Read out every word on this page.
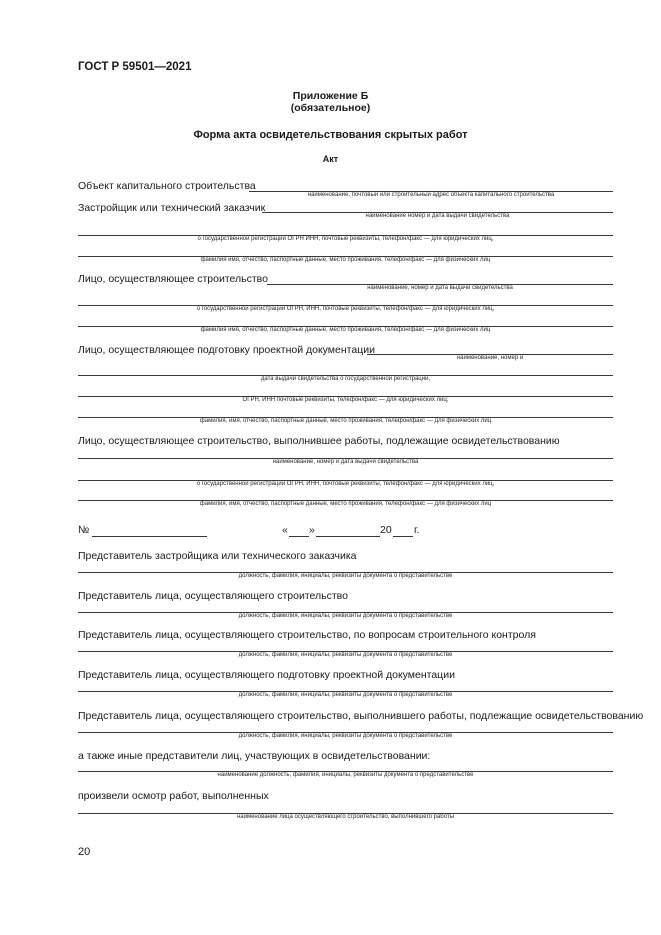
ГОСТ Р 59501—2021
Приложение Б
(обязательное)
Форма акта освидетельствования скрытых работ
Акт
Объект капитального строительства
наименование, почтовый или строительный адрес объекта капитального строительства
Застройщик или технический заказчик
наименование номер и дата выдачи свидетельства
о государственной регистрации ОГРН ИНН, почтовые реквизиты, телефон/факс — для юридических лиц,
фамилия имя, отчество, паспортные данные, место проживания, телефон/факс — для физических лиц
Лицо, осуществляющее строительство
наименование, номер и дата выдачи свидетельства
о государственной регистрации ОГРН, ИНН, почтовые реквизиты, телефон/факс — для юридических лиц,
фамилия имя, отчество, паспортные данные, место проживания, телефон/факс — для физических лиц
Лицо, осуществляющее подготовку проектной документации
наименование, номер и
дата выдачи свидетельства о государственной регистрации,
ОГРН, ИНН почтовые реквизиты, телефон/факс — для юридических лиц;
фамилия, имя, отчество, паспортные данные, место проживания, телефон/факс — для физических лиц
Лицо, осуществляющее строительство, выполнившее работы, подлежащие освидетельствованию
наименование, номер и дата выдачи свидетельства
о государственной регистрации ОГРН, ИНН, почтовые реквизиты, телефон/факс — для юридических лиц,
фамилия, имя, отчество, паспортные данные, место проживания, телефон/факс — для физических лиц
№	« »	20 г.
Представитель застройщика или технического заказчика
должность, фамилия, инициалы, реквизиты документа о представительстве
Представитель лица, осуществляющего строительство
должность, фамилия, инициалы, реквизиты документа о представительстве
Представитель лица, осуществляющего строительство, по вопросам строительного контроля
должность, фамилия, инициалы, реквизиты документа о представительстве
Представитель лица, осуществляющего подготовку проектной документации
должность, фамилия, инициалы, реквизиты документа о представительстве
Представитель лица, осуществляющего строительство, выполнившего работы, подлежащие освидетельствованию
должность, фамилия, инициалы, реквизиты документа о представительстве
а также иные представители лиц, участвующих в освидетельствовании:
наименование должность, фамилия, инициалы, реквизиты документа о представительстве
произвели осмотр работ, выполненных
наименование лица осуществляющего строительство, выполнившего работы
20
